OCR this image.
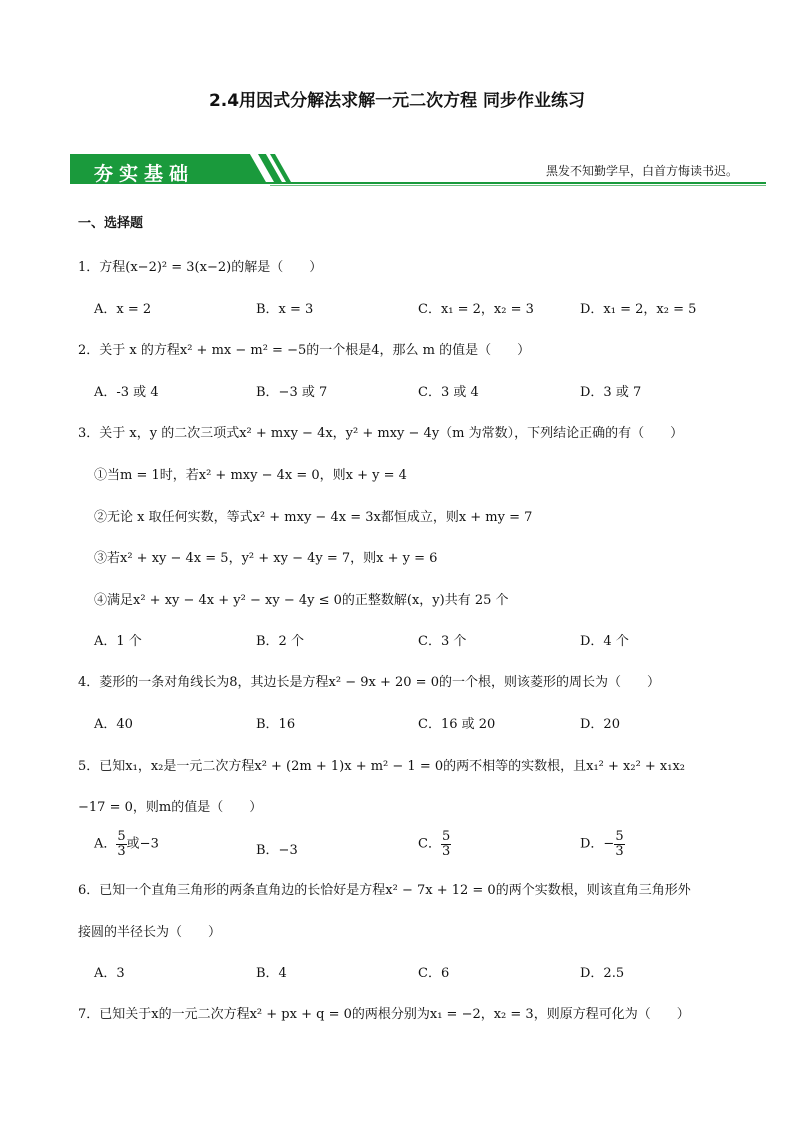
2.4用因式分解法求解一元二次方程 同步作业练习
夯实基础	黑发不知勤学早，白首方悔读书迟。
一、选择题
1．方程(x−2)² = 3(x−2)的解是（　　）
A．x = 2	B．x = 3	C．x₁ = 2，x₂ = 3	D．x₁ = 2，x₂ = 5
2．关于 x 的方程x² + mx − m² = −5的一个根是4，那么 m 的值是（　　）
A．-3 或 4	B．−3 或 7	C．3 或 4	D．3 或 7
3．关于 x，y 的二次三项式x² + mxy − 4x，y² + mxy − 4y（m 为常数），下列结论正确的有（　　）
①当m = 1时，若x² + mxy − 4x = 0，则x + y = 4
②无论 x 取任何实数，等式x² + mxy − 4x = 3x都恒成立，则x + my = 7
③若x² + xy − 4x = 5，y² + xy − 4y = 7，则x + y = 6
④满足x² + xy − 4x + y² − xy − 4y ≤ 0的正整数解(x，y)共有 25 个
A．1 个	B．2 个	C．3 个	D．4 个
4．菱形的一条对角线长为8，其边长是方程x² − 9x + 20 = 0的一个根，则该菱形的周长为（　　）
A．40	B．16	C．16 或 20	D．20
5．已知x₁，x₂是一元二次方程x² + (2m + 1)x + m² − 1 = 0的两不相等的实数根，且x₁² + x₂² + x₁x₂
−17 = 0，则m的值是（　　）
A． $\frac{5}{3}$ 或−3	B．−3	C． $\frac{5}{3}$	D．− $\frac{5}{3}$
6．已知一个直角三角形的两条直角边的长恰好是方程x² − 7x + 12 = 0的两个实数根，则该直角三角形外
接圆的半径长为（　　）
A．3	B．4	C．6	D．2.5
7．已知关于x的一元二次方程x² + px + q = 0的两根分别为x₁ = −2，x₂ = 3，则原方程可化为（　　）
